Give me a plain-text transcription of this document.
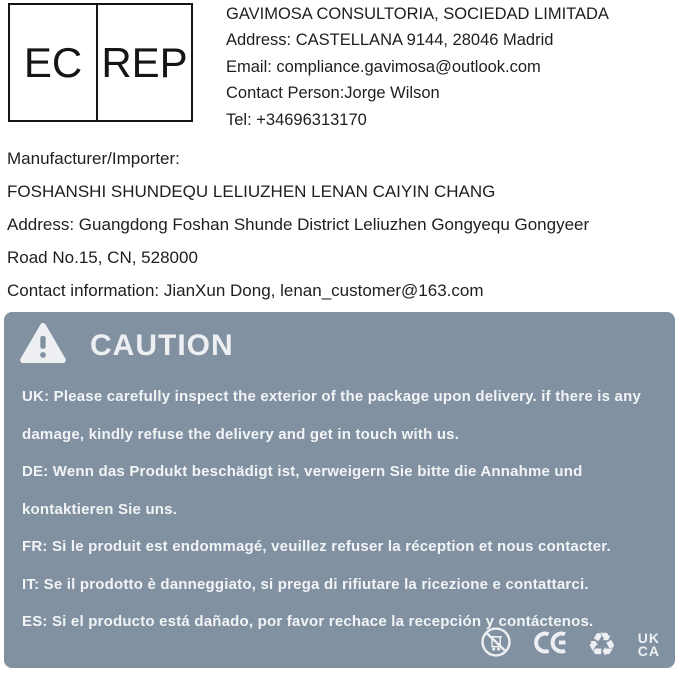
EC REP
GAVIMOSA CONSULTORIA, SOCIEDAD LIMITADA
Address: CASTELLANA 9144, 28046 Madrid
Email: compliance.gavimosa@outlook.com
Contact Person:Jorge Wilson
Tel: +34696313170
Manufacturer/Importer:
FOSHANSHI SHUNDEQU LELIUZHEN LENAN CAIYIN CHANG
Address: Guangdong Foshan Shunde District Leliuzhen Gongyequ Gongyeer
Road No.15, CN, 528000
Contact information: JianXun Dong, lenan_customer@163.com
CAUTION

UK: Please carefully inspect the exterior of the package upon delivery. if there is any damage, kindly refuse the delivery and get in touch with us.

DE: Wenn das Produkt beschädigt ist, verweigern Sie bitte die Annahme und kontaktieren Sie uns.

FR: Si le produit est endommagé, veuillez refuser la réception et nous contacter.

IT: Se il prodotto è danneggiato, si prega di rifiutare la ricezione e contattarci.

ES: Si el producto está dañado, por favor rechace la recepción y contáctenos.

♻ UK
CA
